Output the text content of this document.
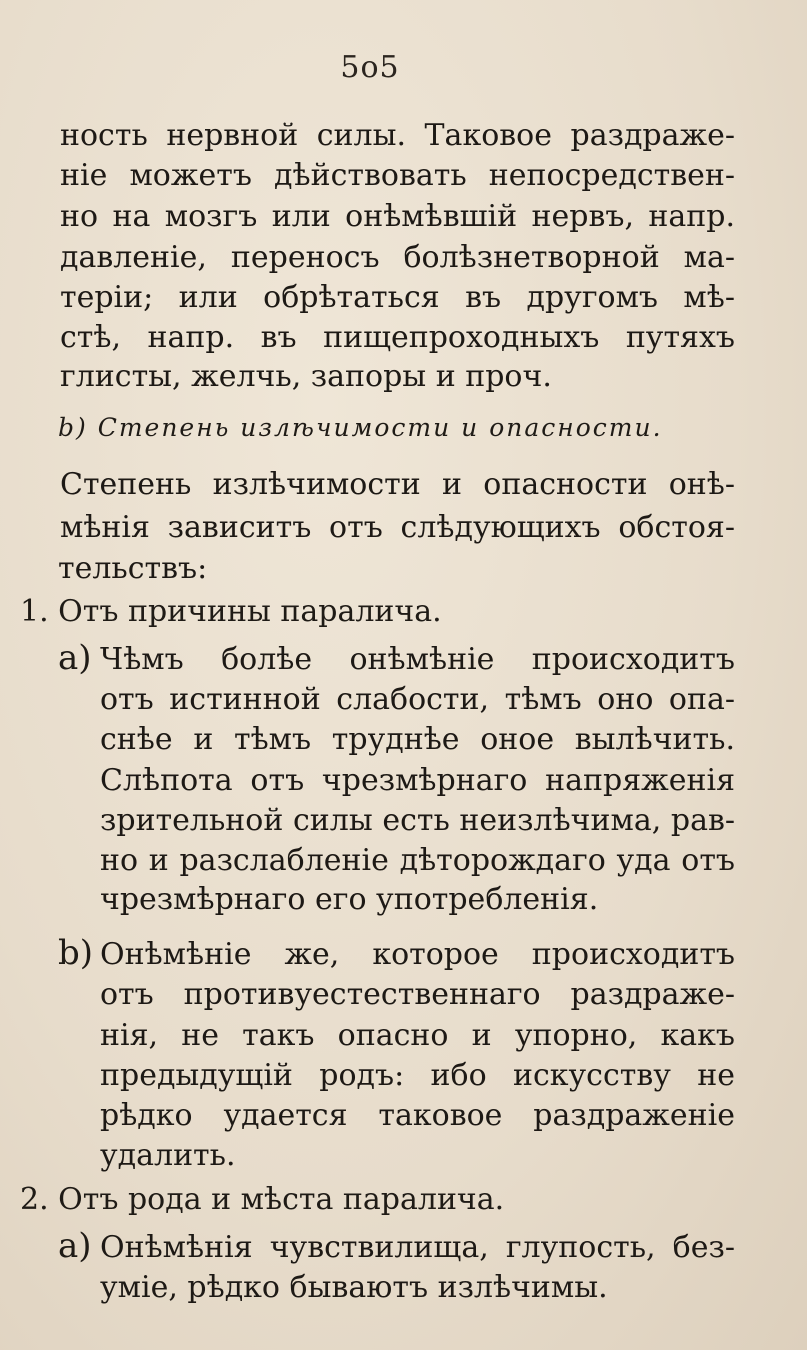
5о5
ность нервной силы. Таковое раздраже-
ніе можетъ дѣйствовать непосредствен-
но на мозгъ или онѣмѣвшій нервъ, напр.
давленіе, переносъ болѣзнетворной ма-
теріи; или обрѣтаться въ другомъ мѣ-
стѣ, напр. въ пищепроходныхъ путяхъ
глисты, желчь, запоры и проч.
b) Степень излѣчимости и опасности.
Степень излѣчимости и опасности онѣ-
мѣнія зависитъ отъ слѣдующихъ обстоя-
тельствъ:
1. Отъ причины паралича.
a) Чѣмъ болѣе онѣмѣніе происходитъ
отъ истинной слабости, тѣмъ оно опа-
снѣе и тѣмъ труднѣе оное вылѣчить.
Слѣпота отъ чрезмѣрнаго напряженія
зрительной силы есть неизлѣчима, рав-
но и разслабленіе дѣторождаго уда отъ
чрезмѣрнаго его употребленія.
b) Онѣмѣніе же, которое происходитъ
отъ противуестественнаго раздраже-
нія, не такъ опасно и упорно, какъ
предыдущій родъ: ибо искусству не
рѣдко удается таковое раздраженіе
удалить.
2. Отъ рода и мѣста паралича.
a) Онѣмѣнія чувствилища, глупость, без-
уміе, рѣдко бываютъ излѣчимы.
